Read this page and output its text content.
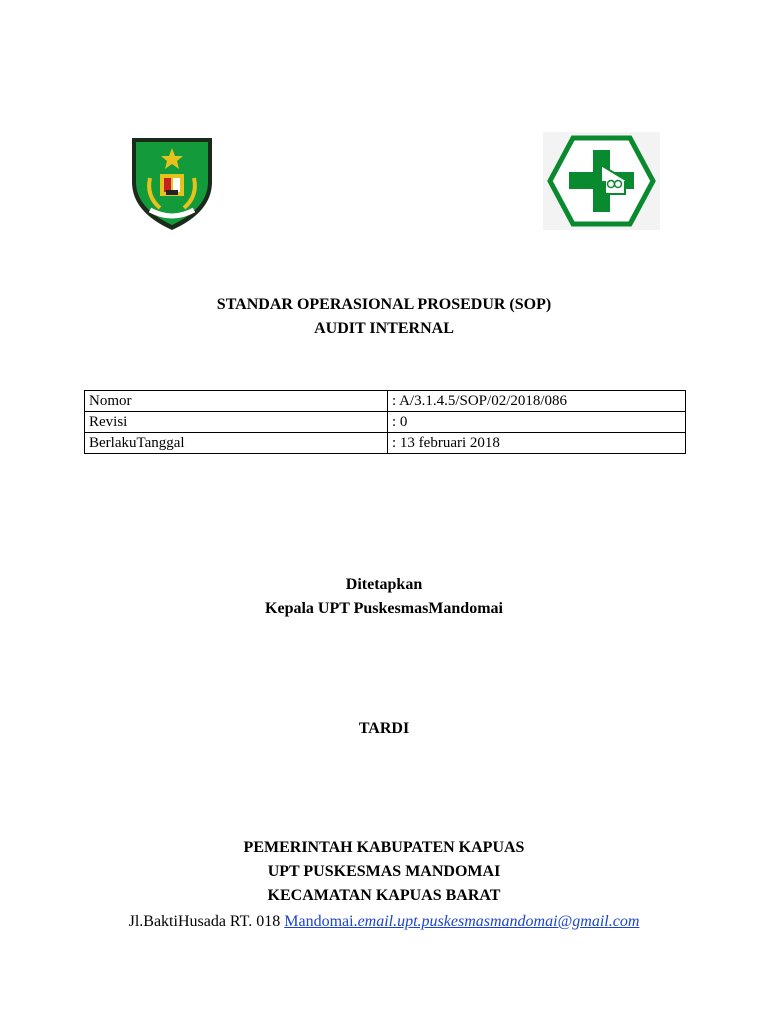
STANDAR OPERASIONAL PROSEDUR (SOP)
AUDIT INTERNAL
Nomor	: A/3.1.4.5/SOP/02/2018/086
Revisi	: 0
BerlakuTanggal	: 13 februari 2018
Ditetapkan
Kepala UPT PuskesmasMandomai
TARDI
PEMERINTAH KABUPATEN KAPUAS
UPT PUSKESMAS MANDOMAI
KECAMATAN KAPUAS BARAT
Jl.BaktiHusada RT. 018 Mandomai.email.upt.puskesmasmandomai@gmail.com
